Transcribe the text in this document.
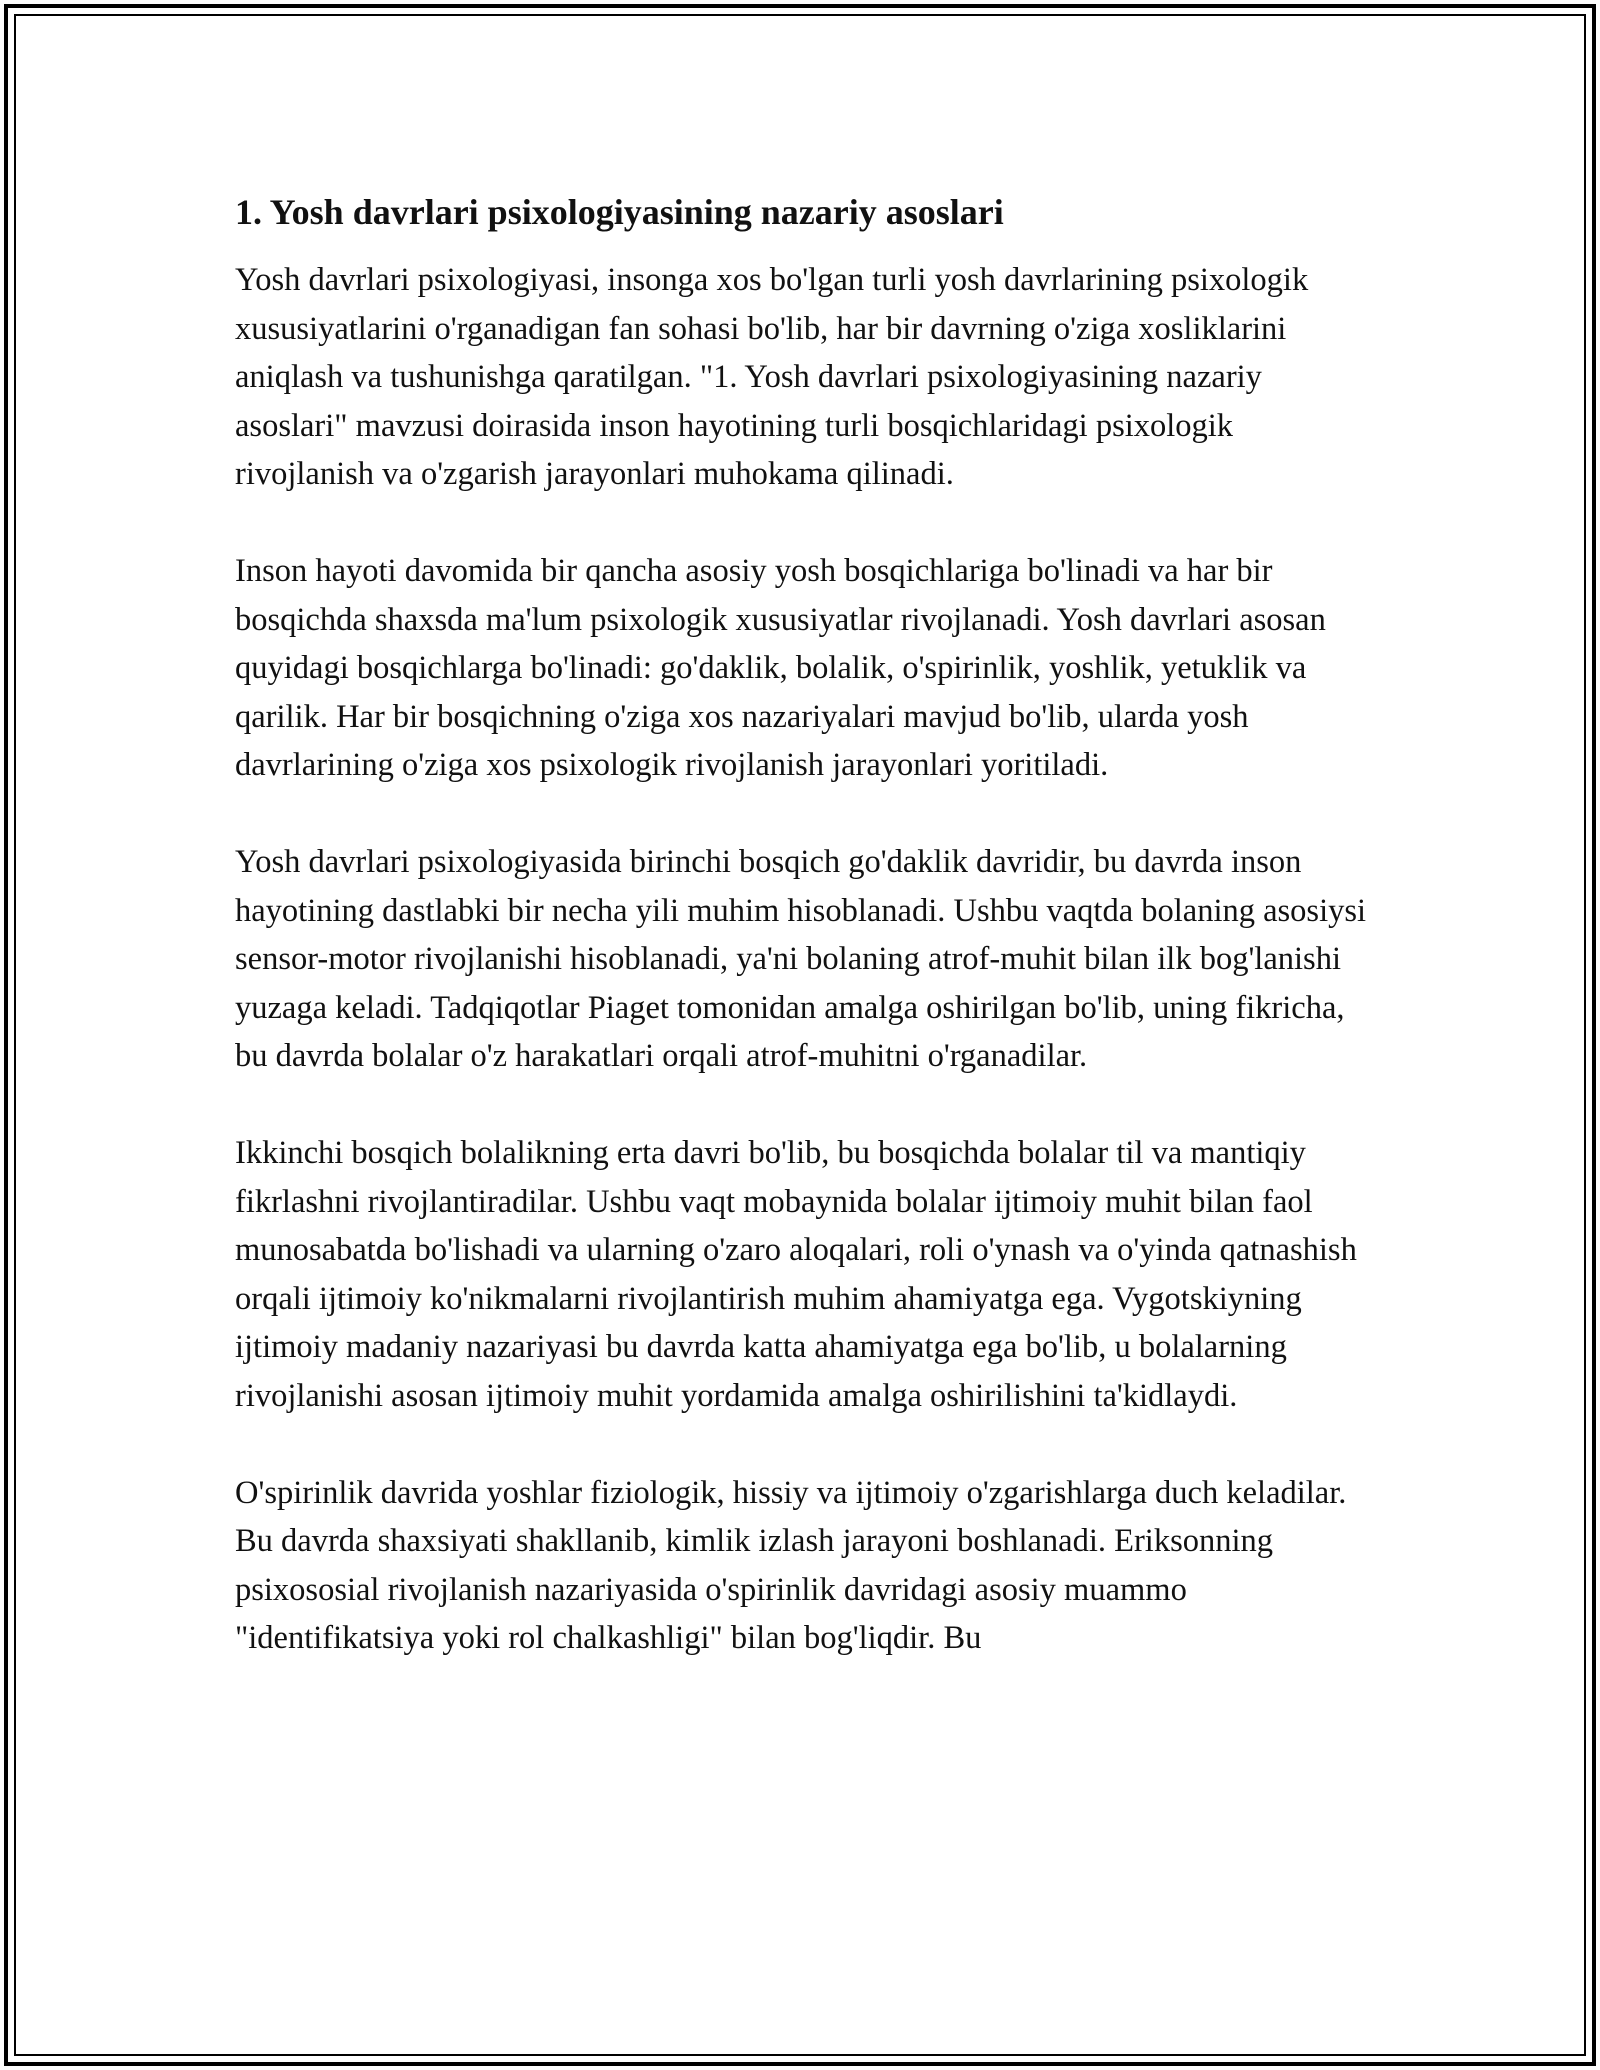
1. Yosh davrlari psixologiyasining nazariy asoslari

Yosh davrlari psixologiyasi, insonga xos bo'lgan turli yosh davrlarining psixologik xususiyatlarini o'rganadigan fan sohasi bo'lib, har bir davrning o'ziga xosliklarini aniqlash va tushunishga qaratilgan. "1. Yosh davrlari psixologiyasining nazariy asoslari" mavzusi doirasida inson hayotining turli bosqichlaridagi psixologik rivojlanish va o'zgarish jarayonlari muhokama qilinadi.

Inson hayoti davomida bir qancha asosiy yosh bosqichlariga bo'linadi va har bir bosqichda shaxsda ma'lum psixologik xususiyatlar rivojlanadi. Yosh davrlari asosan quyidagi bosqichlarga bo'linadi: go'daklik, bolalik, o'spirinlik, yoshlik, yetuklik va qarilik. Har bir bosqichning o'ziga xos nazariyalari mavjud bo'lib, ularda yosh davrlarining o'ziga xos psixologik rivojlanish jarayonlari yoritiladi.

Yosh davrlari psixologiyasida birinchi bosqich go'daklik davridir, bu davrda inson hayotining dastlabki bir necha yili muhim hisoblanadi. Ushbu vaqtda bolaning asosiysi sensor-motor rivojlanishi hisoblanadi, ya'ni bolaning atrof-muhit bilan ilk bog'lanishi yuzaga keladi. Tadqiqotlar Piaget tomonidan amalga oshirilgan bo'lib, uning fikricha, bu davrda bolalar o'z harakatlari orqali atrof-muhitni o'rganadilar.

Ikkinchi bosqich bolalikning erta davri bo'lib, bu bosqichda bolalar til va mantiqiy fikrlashni rivojlantiradilar. Ushbu vaqt mobaynida bolalar ijtimoiy muhit bilan faol munosabatda bo'lishadi va ularning o'zaro aloqalari, roli o'ynash va o'yinda qatnashish orqali ijtimoiy ko'nikmalarni rivojlantirish muhim ahamiyatga ega. Vygotskiyning ijtimoiy madaniy nazariyasi bu davrda katta ahamiyatga ega bo'lib, u bolalarning rivojlanishi asosan ijtimoiy muhit yordamida amalga oshirilishini ta'kidlaydi.

O'spirinlik davrida yoshlar fiziologik, hissiy va ijtimoiy o'zgarishlarga duch keladilar. Bu davrda shaxsiyati shakllanib, kimlik izlash jarayoni boshlanadi. Eriksonning psixososial rivojlanish nazariyasida o'spirinlik davridagi asosiy muammo "identifikatsiya yoki rol chalkashligi" bilan bog'liqdir. Bu
